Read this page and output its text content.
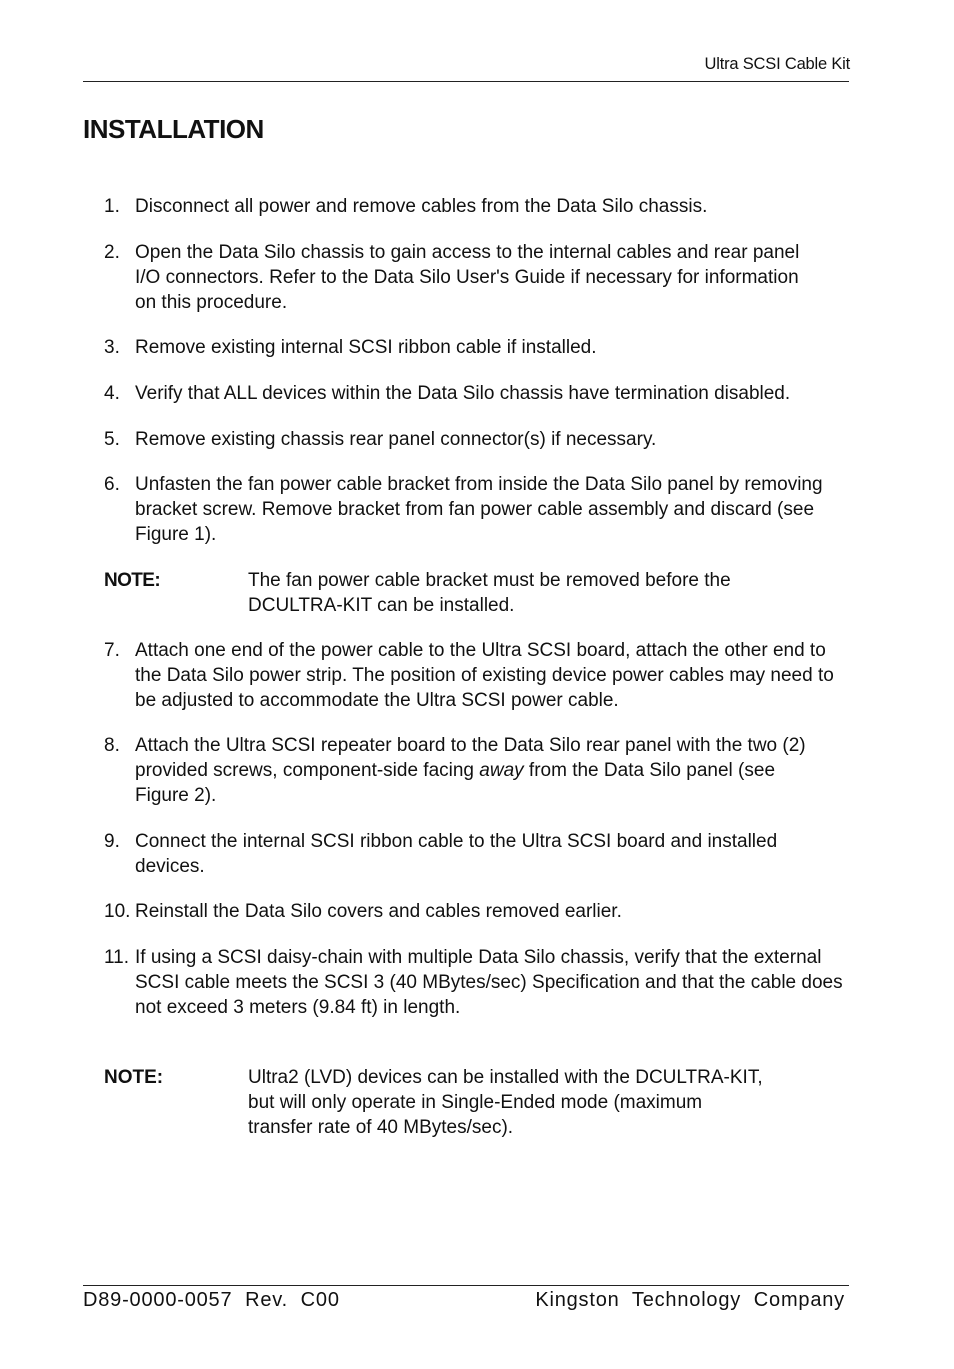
Ultra SCSI Cable Kit
INSTALLATION
1. Disconnect all power and remove cables from the Data Silo chassis.
2. Open the Data Silo chassis to gain access to the internal cables and rear panel I/O connectors. Refer to the Data Silo User's Guide if necessary for information on this procedure.
3. Remove existing internal SCSI ribbon cable if installed.
4. Verify that ALL devices within the Data Silo chassis have termination disabled.
5. Remove existing chassis rear panel connector(s) if necessary.
6. Unfasten the fan power cable bracket from inside the Data Silo panel by removing bracket screw. Remove bracket from fan power cable assembly and discard (see Figure 1).
NOTE:	The fan power cable bracket must be removed before the DCULTRA-KIT can be installed.
7. Attach one end of the power cable to the Ultra SCSI board, attach the other end to the Data Silo power strip. The position of existing device power cables may need to be adjusted to accommodate the Ultra SCSI power cable.
8. Attach the Ultra SCSI repeater board to the Data Silo rear panel with the two (2) provided screws, component-side facing away from the Data Silo panel (see Figure 2).
9. Connect the internal SCSI ribbon cable to the Ultra SCSI board and installed devices.
10. Reinstall the Data Silo covers and cables removed earlier.
11. If using a SCSI daisy-chain with multiple Data Silo chassis, verify that the external SCSI cable meets the SCSI 3 (40 MBytes/sec) Specification and that the cable does not exceed 3 meters (9.84 ft) in length.
NOTE:	Ultra2 (LVD) devices can be installed with the DCULTRA-KIT, but will only operate in Single-Ended mode (maximum transfer rate of 40 MBytes/sec).
D89-0000-0057  Rev.  C00	Kingston  Technology  Company
